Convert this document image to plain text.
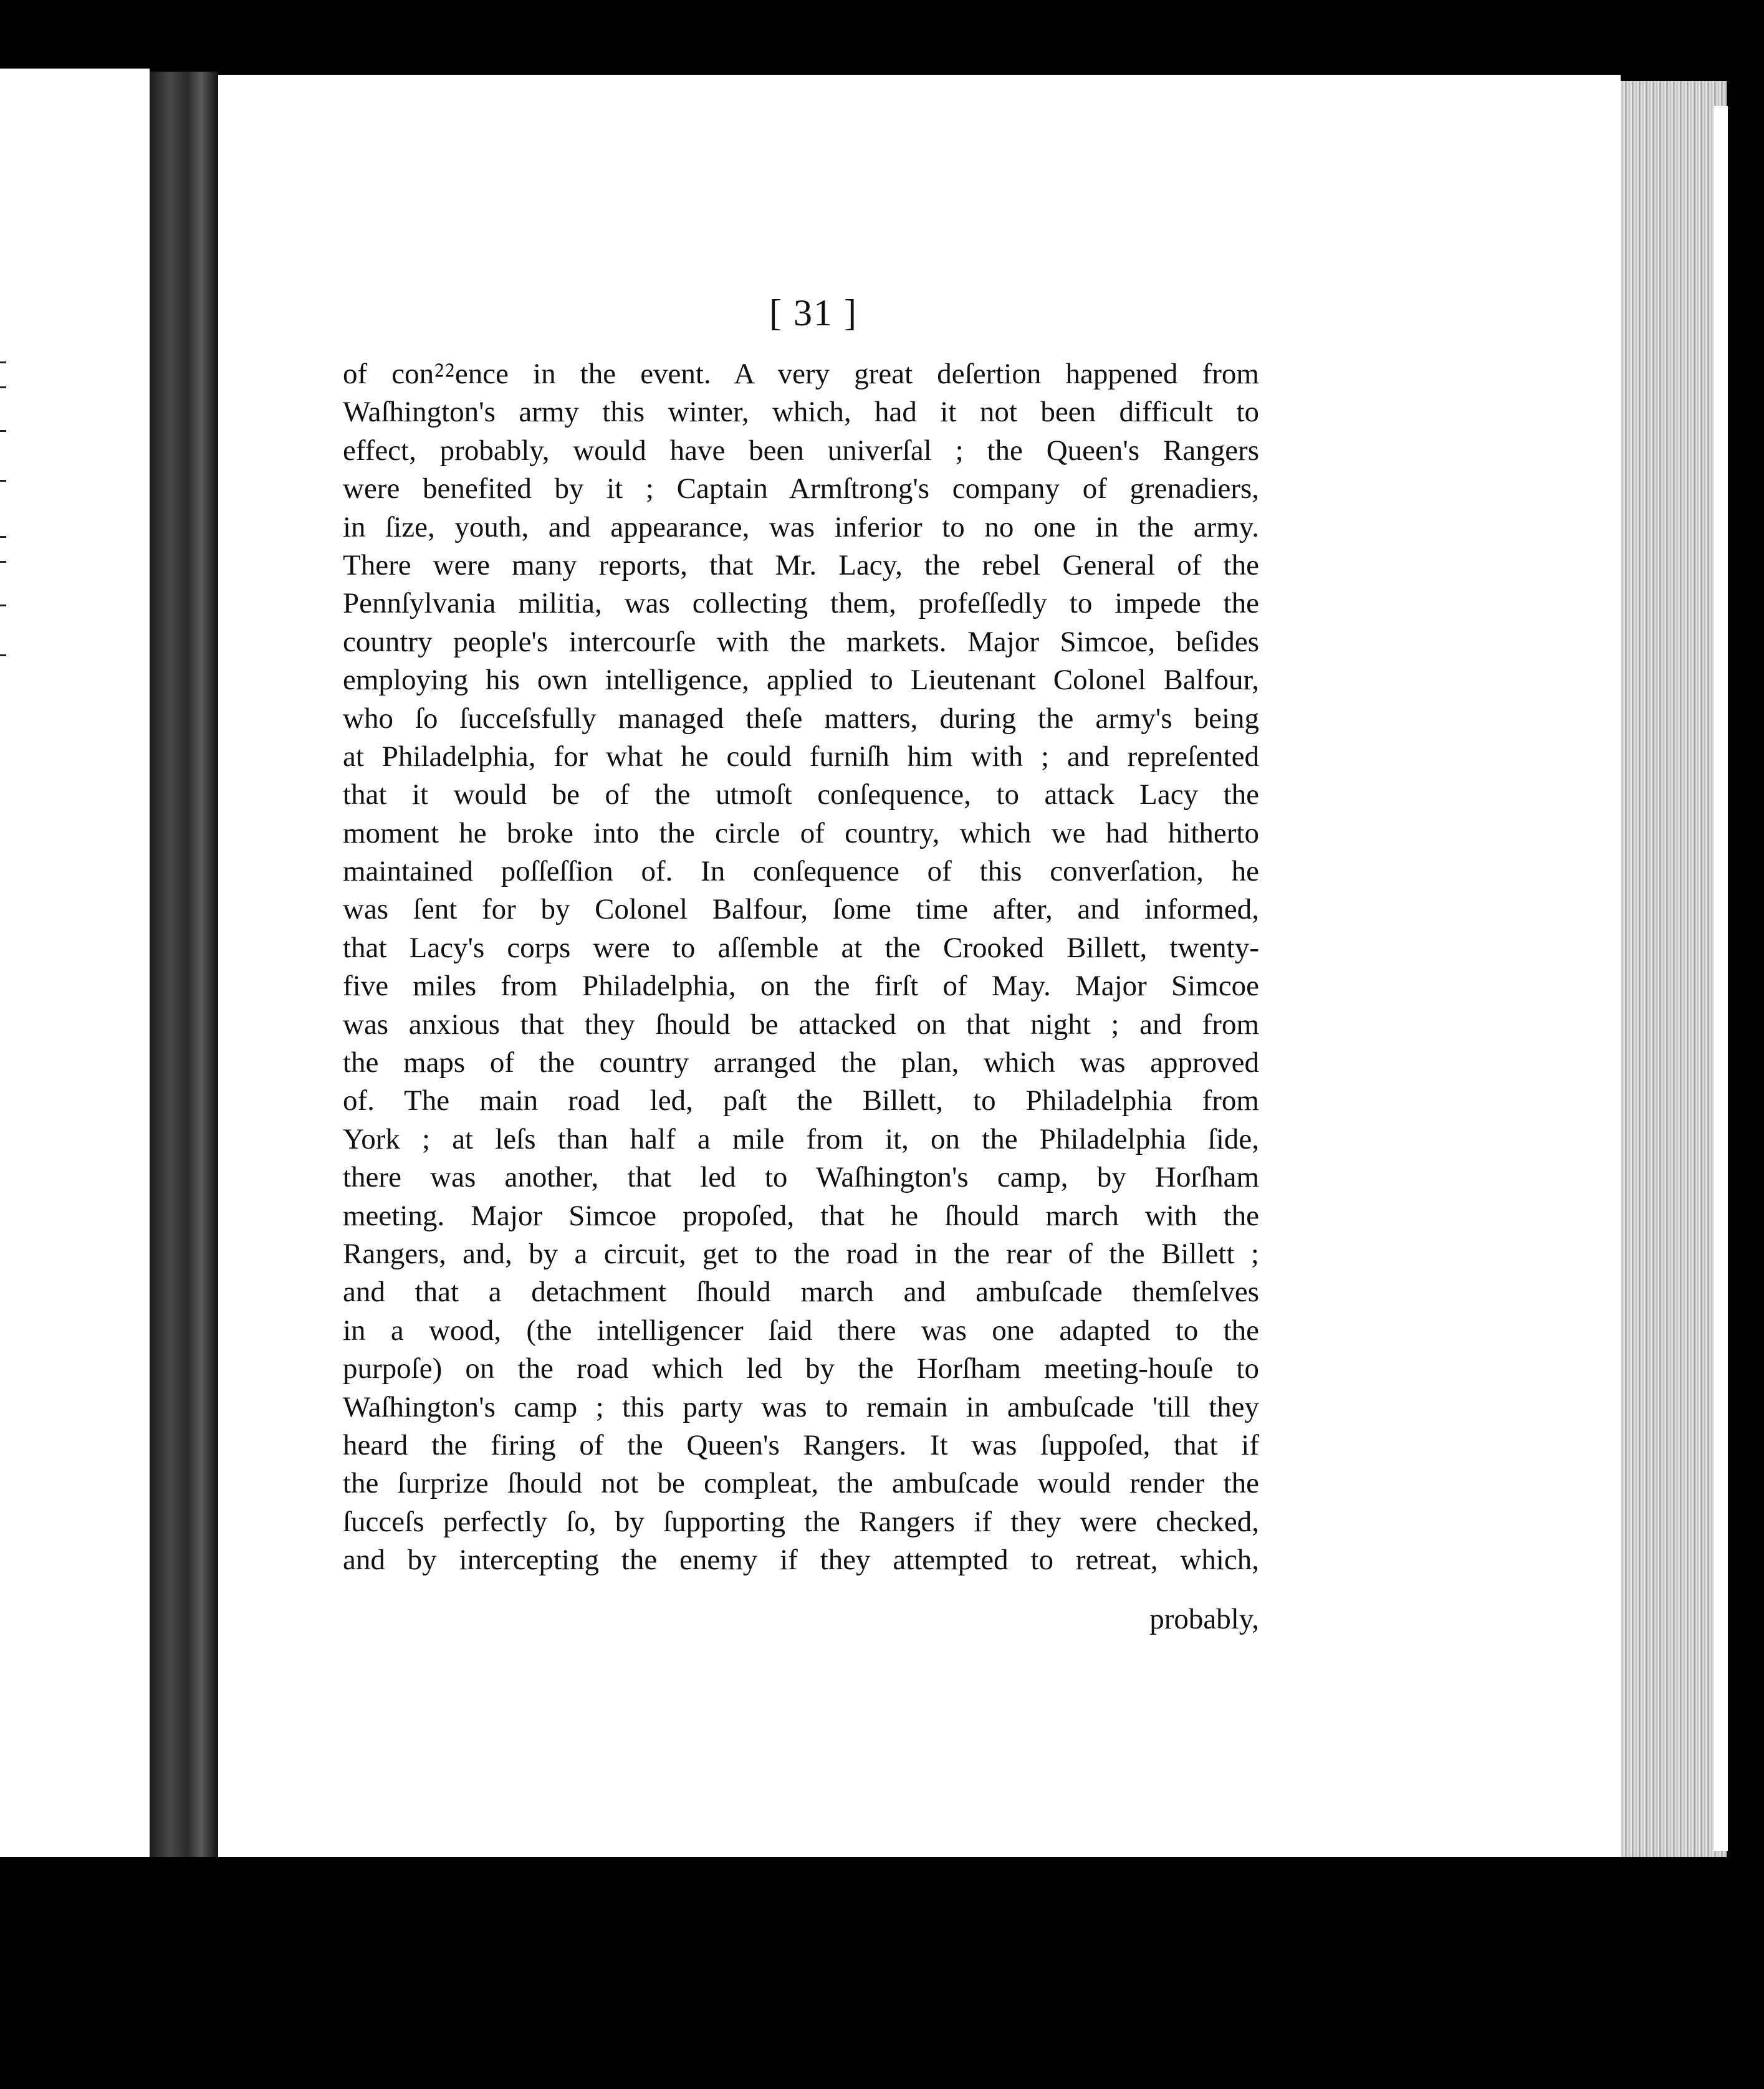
[ 31 ]
of con⁲⁲ence in the event. A very great deſertion happened from
Waſhington's army this winter, which, had it not been difficult to
effect, probably, would have been univerſal ; the Queen's Rangers
were benefited by it ; Captain Armſtrong's company of grenadiers,
in ſize, youth, and appearance, was inferior to no one in the army.
There were many reports, that Mr. Lacy, the rebel General of the
Pennſylvania militia, was collecting them, profeſſedly to impede the
country people's intercourſe with the markets. Major Simcoe, beſides
employing his own intelligence, applied to Lieutenant Colonel Balfour,
who ſo ſucceſsfully managed theſe matters, during the army's being
at Philadelphia, for what he could furniſh him with ; and repreſented
that it would be of the utmoſt conſequence, to attack Lacy the
moment he broke into the circle of country, which we had hitherto
maintained poſſeſſion of. In conſequence of this converſation, he
was ſent for by Colonel Balfour, ſome time after, and informed,
that Lacy's corps were to aſſemble at the Crooked Billett, twenty-
five miles from Philadelphia, on the firſt of May. Major Simcoe
was anxious that they ſhould be attacked on that night ; and from
the maps of the country arranged the plan, which was approved
of. The main road led, paſt the Billett, to Philadelphia from
York ; at leſs than half a mile from it, on the Philadelphia ſide,
there was another, that led to Waſhington's camp, by Horſham
meeting. Major Simcoe propoſed, that he ſhould march with the
Rangers, and, by a circuit, get to the road in the rear of the Billett ;
and that a detachment ſhould march and ambuſcade themſelves
in a wood, (the intelligencer ſaid there was one adapted to the
purpoſe) on the road which led by the Horſham meeting-houſe to
Waſhington's camp ; this party was to remain in ambuſcade 'till they
heard the firing of the Queen's Rangers. It was ſuppoſed, that if
the ſurprize ſhould not be compleat, the ambuſcade would render the
ſucceſs perfectly ſo, by ſupporting the Rangers if they were checked,
and by intercepting the enemy if they attempted to retreat, which,
probably,
